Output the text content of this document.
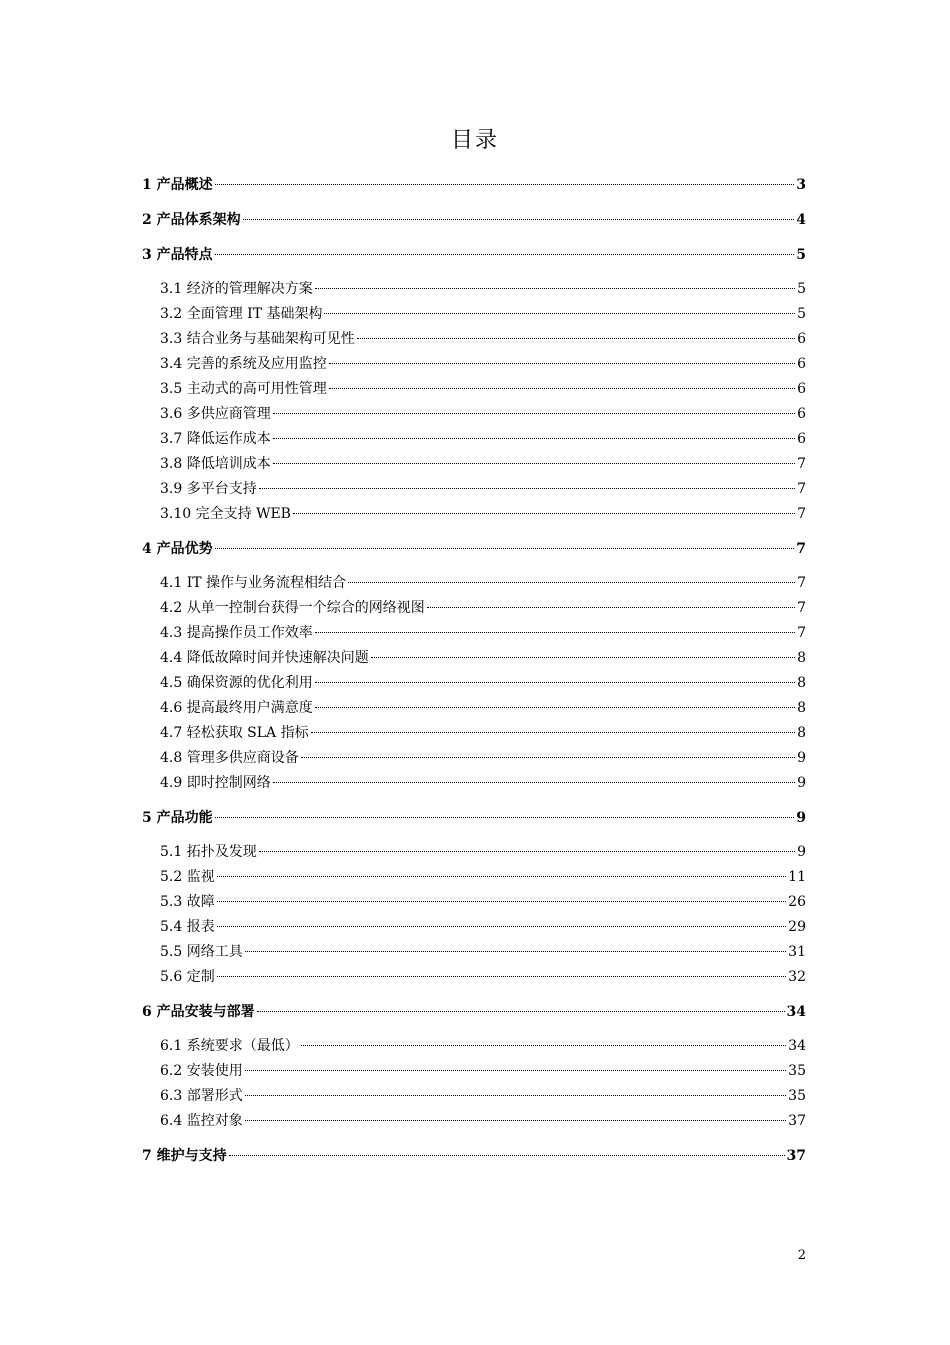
目录
1 产品概述	3
2 产品体系架构	4
3 产品特点	5
3.1 经济的管理解决方案	5
3.2 全面管理 IT 基础架构	5
3.3 结合业务与基础架构可见性	6
3.4 完善的系统及应用监控	6
3.5 主动式的高可用性管理	6
3.6 多供应商管理	6
3.7 降低运作成本	6
3.8 降低培训成本	7
3.9 多平台支持	7
3.10 完全支持 WEB	7
4 产品优势	7
4.1 IT 操作与业务流程相结合	7
4.2 从单一控制台获得一个综合的网络视图	7
4.3 提高操作员工作效率	7
4.4 降低故障时间并快速解决问题	8
4.5 确保资源的优化利用	8
4.6 提高最终用户满意度	8
4.7 轻松获取 SLA 指标	8
4.8 管理多供应商设备	9
4.9 即时控制网络	9
5 产品功能	9
5.1 拓扑及发现	9
5.2 监视	11
5.3 故障	26
5.4 报表	29
5.5 网络工具	31
5.6 定制	32
6 产品安装与部署	34
6.1 系统要求（最低）	34
6.2 安装使用	35
6.3 部署形式	35
6.4 监控对象	37
7 维护与支持	37
2
